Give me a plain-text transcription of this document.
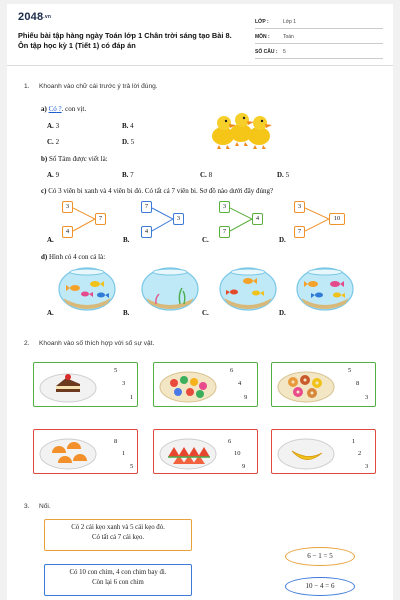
2048.vn
Phiếu bài tập hàng ngày Toán lớp 1 Chân trời sáng tạo Bài 8. Ôn tập học kỳ 1 (Tiết 1) có đáp án
LỚP :	Lớp 1
MÔN :	Toán
SỐ CÂU : 5
1. Khoanh vào chữ cái trước ý trả lời đúng.
a) Có ?. con vịt.
A. 3	B. 4
C. 2	D. 5
b) Số Tám được viết là:
A. 9	B. 7	C. 8	D. 5
c) Có 3 viên bi xanh và 4 viên bi đỏ. Có tất cả 7 viên bi. Sơ đồ nào dưới đây đúng?
3
4
7
A.
7
4
3
B.
3
7
4
C.
3
7
10
D.
d) Hình có 4 con cá là:
A.	B.	C.	D.
2. Khoanh vào số thích hợp với số sự vật.
5
3
1
6
4
9
5
8
3
8
1
5
6
10
9
1
2
3
3. Nối.
Có 2 cái kẹo xanh và 5 cái kẹo đỏ.
Có tất cả 7 cái kẹo.
Có 10 con chim, 4 con chim bay đi.
Còn lại 6 con chim
6 − 1 = 5
10 − 4 = 6
